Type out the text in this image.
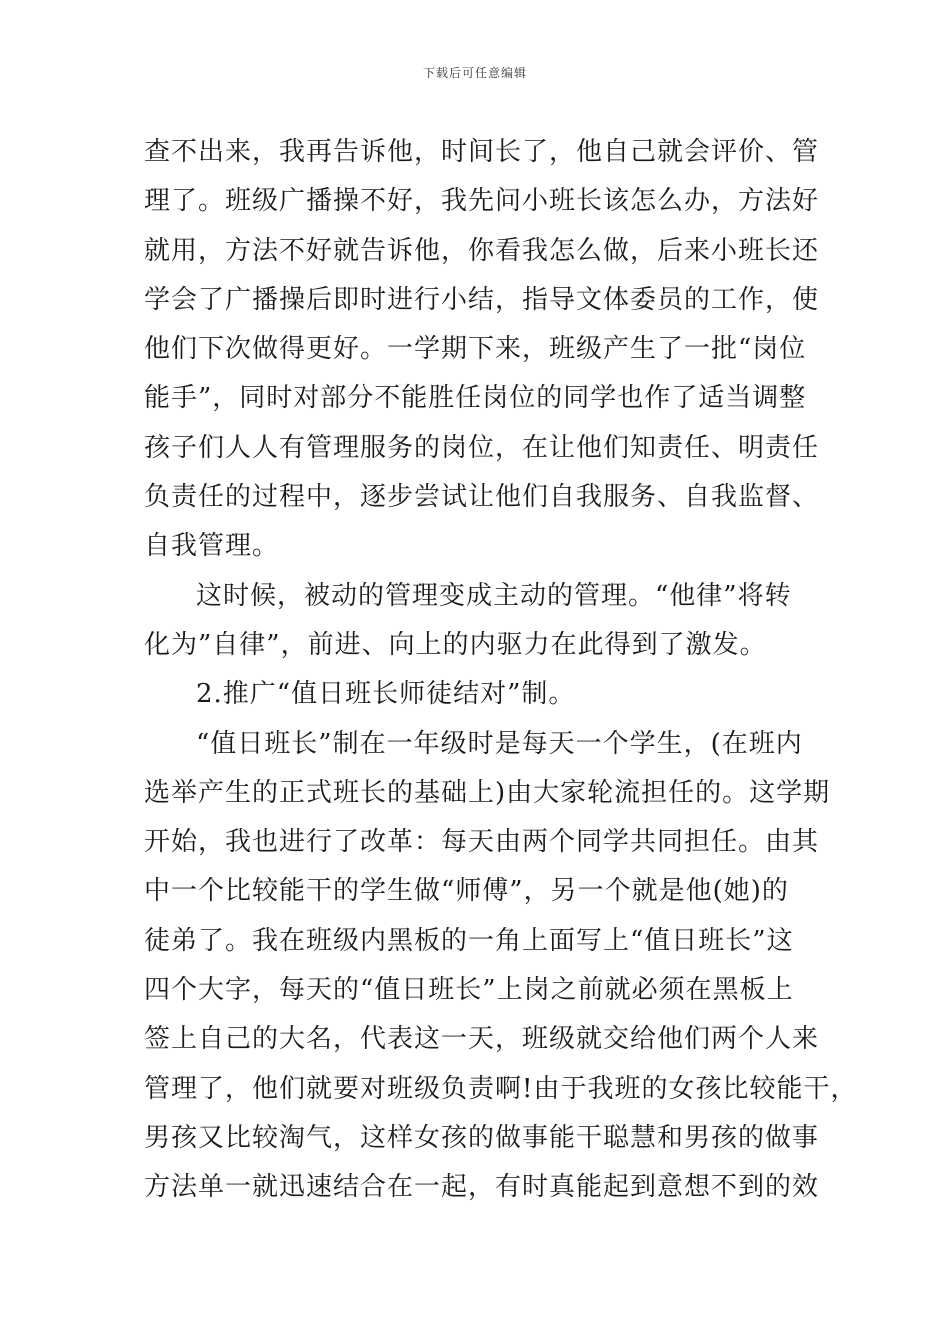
下载后可任意编辑
查不出来，我再告诉他，时间长了，他自己就会评价、管
理了。班级广播操不好，我先问小班长该怎么办，方法好
就用，方法不好就告诉他，你看我怎么做，后来小班长还
学会了广播操后即时进行小结，指导文体委员的工作，使
他们下次做得更好。一学期下来，班级产生了一批“岗位
能手”，同时对部分不能胜任岗位的同学也作了适当调整
孩子们人人有管理服务的岗位，在让他们知责任、明责任
负责任的过程中，逐步尝试让他们自我服务、自我监督、
自我管理。
这时候，被动的管理变成主动的管理。“他律”将转
化为”自律”，前进、向上的内驱力在此得到了激发。
2.推广“值日班长师徒结对”制。
“值日班长”制在一年级时是每天一个学生，(在班内
选举产生的正式班长的基础上)由大家轮流担任的。这学期
开始，我也进行了改革：每天由两个同学共同担任。由其
中一个比较能干的学生做“师傅”，另一个就是他(她)的
徒弟了。我在班级内黑板的一角上面写上“值日班长”这
四个大字，每天的“值日班长”上岗之前就必须在黑板上
签上自己的大名，代表这一天，班级就交给他们两个人来
管理了，他们就要对班级负责啊!由于我班的女孩比较能干，
男孩又比较淘气，这样女孩的做事能干聪慧和男孩的做事
方法单一就迅速结合在一起，有时真能起到意想不到的效
